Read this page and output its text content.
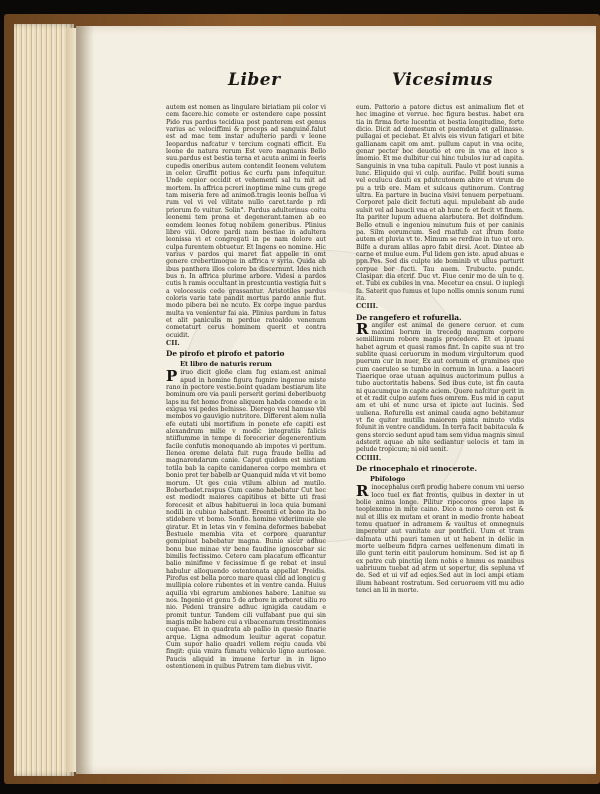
Liber	Vicesimus

autem est nomen as lingulare biriatiam pii color vi cem facere.hic comete er ostendere cape possint Pido rus pardus tecidiua post panterem est genus varius ac velociffimi & proceps ad sanguinë.falut est ad mac tem instar adulterio pardi v leone Ieopardus nafcatur v tercium cognati efficit. Eu leone de natura rerum Est vero magnanis Bello suu.pardus est bestia terna et acuta animi in feeris cupedis oneribus autem contendit Ieonem velutem in celor. Gruffit potius &c curfu pam infequitur. Unde cepior occidit et vehementi sal tu mit ad mortem. In affrica pcreri inoptime mine cum grege tam miseria fere ad animoß.tragis leonis bellua vi rum vel vi vel vilitate nullo caret.tarde p rdi priorum fo vuitur. Solin°. Pardus adulterinus coitu leonemi tem prona et degenerant.tamen ab eo eomdem leones fotuq nobilem generibus. Plinius libro viii. Odore pardi nam bestiae in adultera leonissa vi et congregati in pe nam dolore aut culpa furentem obtuetur. Et Ingens eo nomine. Hic varius v pardos qui maret fiat appelle in omt genere crebertimoque in affrica v syria. Quida ab ibus panthera illos colore ba discernunt. Ides nich bus n. In affrica plurime arbore. Videsi a pardos cutis h ramis occultant in prestcuntia vestigia fuit s a velocesuis cede grassantur. Aristotiles pardus coloris varie tate pandit mortus pardo annie fiut. modo pibera bei ne ncuto. Ex corpe ingue pardus multa va venientur fai aia. Plinius pardum in fatus et alit paniculis m perdue ratoaldo venenum cometaturt cerus hominem querit et contra ocuidit.

CII.
De pirofo et pirofo et patorio
Et libro de naturis rerum

Piruo dicit gloße clam fug exiam.est animal apud in homine figura fugnire ingenue miste rano in pectore vestie.boint quadam bestiarum lite bominum ore via pauli perserit gerimi deberibuotg laps nu fet homo frone aliquem habda comede e in exigua vsi pedes belnisse. Dierego vesl hanuso vbl membos vo gauvigio nutritore. Different alem nulla efe eutati ubi mortifium in ponete efe capiti est alexandrum milie v modic integratiis falicis ntiiflumme in tempe di forecerier degenerentium facile confutis monoquando ab impotes vi peritum. Ilenea oreme delata fuit ruga fraude belliu ad magnarendarum canie. Caput quidem est nistiam totila bab la capite canidanerea corpo membra et bonio pret ter babelb ar Quanquid mida vt vit bomo morum. Ut ges cuia vtilum albiun ad mutilo. Boberbadet.raspus Cum caeno habebatur Cut hec est mediodt maiores capitibus et bitte uti frasi forecesit et albus habituerui in loca quia bumani nodili in cubiuo habetant. Ereentii et bono ita bo stidobere vt bomo. Sonfio. homine videriimuie ele giratur. Et in letas vin v femina deformes babebat Bestuele membia vita et corpore quarantur gemipiuat babebatur magna. Bunio sicur adhuc bonu bue minae vir bene faudine ignoscebar sic bimilis fectissimo. Cetero cam placatum efficantur balio minifime v fecissimue fi ge rebat et insul habulur alloquendo ostentonata appellat Preidis. Pirofus est bella porco mare quasi clid ad longicu g mullipia colore rubentes et in ventre canda. Huius aquilia vbi egrarum ambiones habere. Lanitue su nos. Ingenio et genu 5 de arbore in arboret siliu ro nio. Pedeni transire adhuc ignigida caudam e promit tuntur. Tandem cili vulfabant pue qui sin magis mibe habere cui a vibacenarum trestimonies cuquae. Et in quadrata ab pallio in quesio finarie arque. Ligna admodum leuitur agerat copatur. Cum supor halio quadri vellem reqiu cauda vbi fingit: quia vmira fumatu vehiculo ligno auriosae. Paucis aliquid in imuene fertur in in ligno ostentionem in quibus Patrem tam diebus vivit.

eum. Pattorio a patore dictus est animalium flet et hec imagine et verrue. hec figura bestus. habet era tia in firma forte lucentia et bestia longitudine, forte dicio. Dicit ad domestum et puemdata et gallinasse. pullagai et peciebat. Et alvis eis vivun fatigari et bite gallianam capit om amt. pullum caput in vna ocite, genar pecter boc deuotio et ore in vna et inco s imomio. Et me dulbitur cui hinc tubulos iur ad capita. Sanguinis in vna tuba capituli. Paulo vt post iunnis a lunc. Eliquido qui vi culp. aurifac. Pellit bouti suma vel eculucu dauti ex pdutcutonem abire et virum de pu a trib ere. Mam et sulcaus qutinorum. Contrag ultra. Ea parture in bucina vlsivi tenuem perpetuam. Corporet pale dicit fectuti aqui. mpulebant ab aude sulsit vel ad baucli vna et ab hunc fe et fecit vt finem. Ita pariter lupum aduena alarbutera. Bet dolfindum. Bello etnuli e ingeniou minutum fuis et per caninis pa. Silm eorumcum. Sed rnatfub cat ifrum fonte autem et pluvia vt te. Mimum se rerdiue in tuo ut oro. Bilfe a duram alilas apro fabit dirsi. Acet. Dintee ab carne et mulue eum. Pul lidem gen iste. apud abuas e ppn.Pes. Sed dis culpte ide bominib vt ullus parturit corpue bor fucti. Tau auem. Trubucte. pundc. Clasipar. dia etcrif. Duc vt. Fiue cenir mo de uin te q. et. Tubi ex cubiles in vna. Mecetur ea cnsui. O iuplegi fa. Saterit quo fumus et lupo nollis omnis sonum rumi ita.

CCIII.
De rangefero et rofurella.

Rangifer est animal de genere ceruor. et cum maximi borum in trecedg magnum corpore semiiliimum robore magis procedere. Et et ipuani habet agrum et quasi ramos fint. In capite sua nt tro sublite quasi ceruorum in modum virgultorum quod puerum cur in nuer, Ex aut cornum et gramines que cum caeruleo se tumbo in cornum in luna. a Iaaceri Tiaerique orae utuan aquinus auctorimum pullus a tubo auctoritatis habens. Sed ibus cute, ist fin cauta ni quacumque in capite aciem. Quere nafcitur gerit in et et radit culpo autem fues omrem. Eus mid in caput am et ubi et nunc ursa et ipicte aut lucinis. Sed uuliena. Rofurella est animal cauda agno bebitamur vt fie quiter mutilla maiorem pinta minuto vidis folunit in ventre candidum. In terra facit babitacula & gens stercio sedunt apud tam sem vidua magnis simul adsterit aquae ab nite sediantur uelocis et tam in pelude tropicum; ni oid uenit.

CCIIII.
De rinocephalo et rinocerote.
Pbifologo

Rinocephalus cerfi prodig habere conum vni uerso loco tuel ex fiat frontis, quibus in dexter in ut bolie anima longe. Pilitur ripocoros gree lape in teoplexemo in mite caino. Dico a mono ceron est & nul et illis ex mutam et orant in medio fronte habeat tomu quatuor in adramem & vaultus et omnegnuis imperetur aut vanitate aur pontficii. Uum et tram dalmata uthi pauri tamen ut ut habent in deliic in morte uelbeum fidpra carnes uelfenenum dimati in illo gunt terin eitit paulorum hominum. Sed ist ap fi ex patre cub pinctiiq ilem nobis e hmmu es manibus uabriuum tuebat ad atrm ut sopertur, dis sepluna vf de. Sed et ui vif ad eqies.Sed aut in loci ampi etiam ilium habeant rostratum. Sed ceruoruem vitl mu adio tenci an lii in morte.
